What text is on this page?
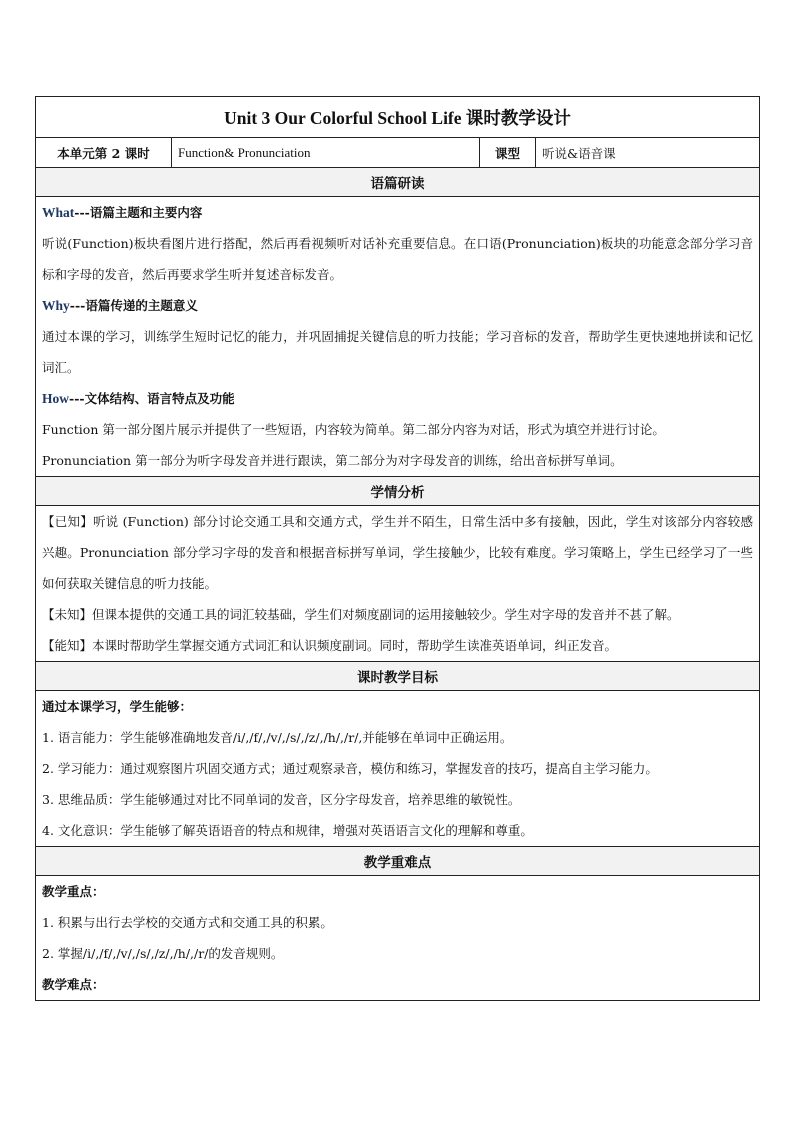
Unit 3 Our Colorful School Life 课时教学设计
本单元第 2 课时	Function& Pronunciation	课型	听说&语音课
语篇研读

What---语篇主题和主要内容

听说(Function)板块看图片进行搭配，然后再看视频听对话补充重要信息。在口语(Pronunciation)板块的功能意念部分学习音标和字母的发音，然后再要求学生听并复述音标发音。

Why---语篇传递的主题意义

通过本课的学习，训练学生短时记忆的能力，并巩固捕捉关键信息的听力技能；学习音标的发音，帮助学生更快速地拼读和记忆词汇。

How---文体结构、语言特点及功能

Function 第一部分图片展示并提供了一些短语，内容较为简单。第二部分内容为对话，形式为填空并进行讨论。

Pronunciation 第一部分为听字母发音并进行跟读，第二部分为对字母发音的训练，给出音标拼写单词。

学情分析

【已知】听说 (Function) 部分讨论交通工具和交通方式，学生并不陌生，日常生活中多有接触，因此，学生对该部分内容较感兴趣。Pronunciation 部分学习字母的发音和根据音标拼写单词，学生接触少，比较有难度。学习策略上，学生已经学习了一些如何获取关键信息的听力技能。

【未知】但课本提供的交通工具的词汇较基础，学生们对频度副词的运用接触较少。学生对字母的发音并不甚了解。

【能知】本课时帮助学生掌握交通方式词汇和认识频度副词。同时，帮助学生读准英语单词，纠正发音。

课时教学目标

通过本课学习，学生能够：

1. 语言能力：学生能够准确地发音/i/,/f/,/v/,/s/,/z/,/h/,/r/,并能够在单词中正确运用。

2. 学习能力：通过观察图片巩固交通方式；通过观察录音，模仿和练习，掌握发音的技巧，提高自主学习能力。

3. 思维品质：学生能够通过对比不同单词的发音，区分字母发音，培养思维的敏锐性。

4. 文化意识：学生能够了解英语语音的特点和规律，增强对英语语言文化的理解和尊重。

教学重难点

教学重点：

1. 积累与出行去学校的交通方式和交通工具的积累。

2. 掌握/i/,/f/,/v/,/s/,/z/,/h/,/r/的发音规则。

教学难点：
